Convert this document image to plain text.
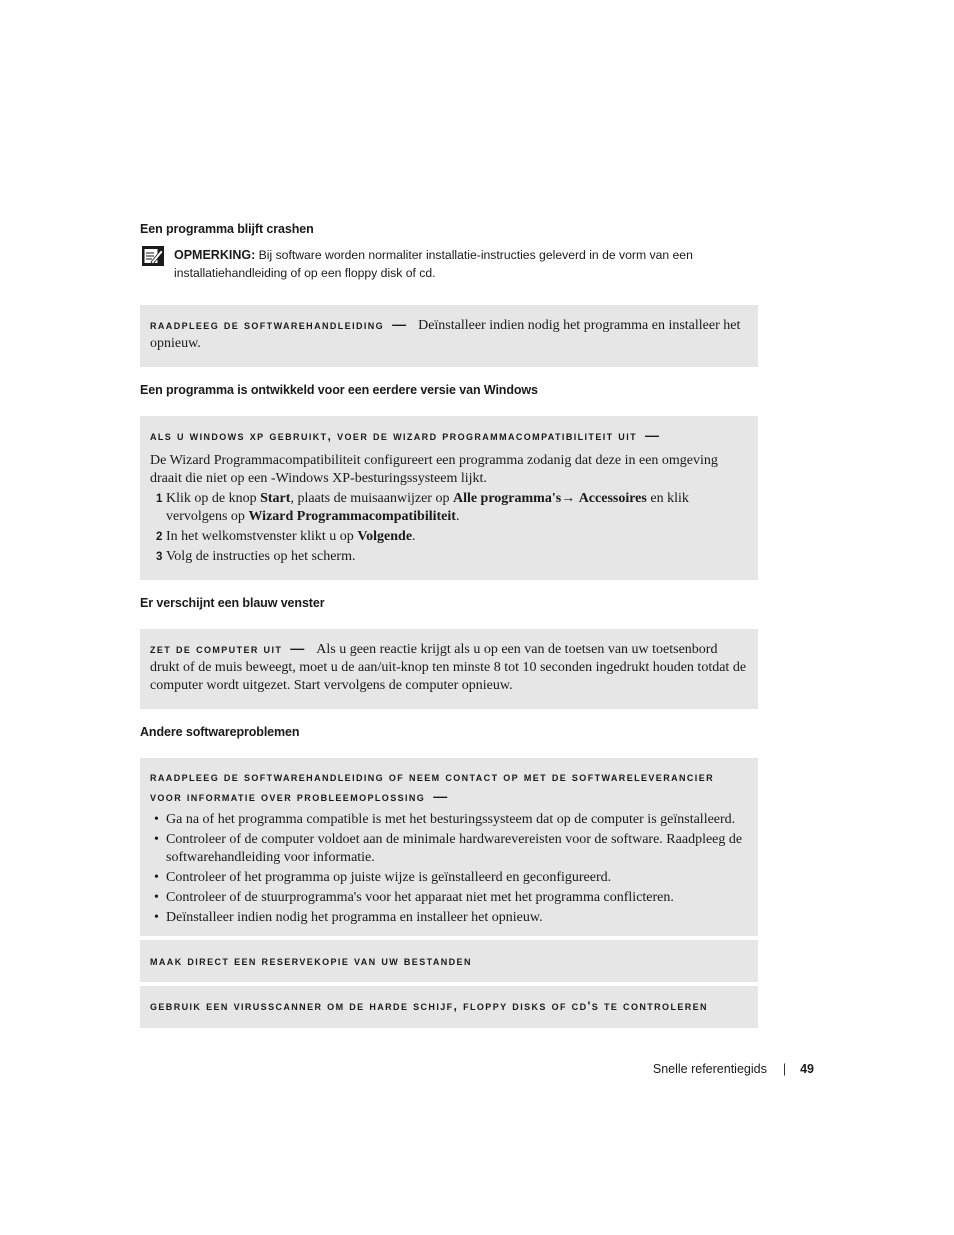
Een programma blijft crashen
OPMERKING: Bij software worden normaliter installatie-instructies geleverd in de vorm van een installatiehandleiding of op een floppy disk of cd.
raadpleeg de softwarehandleiding — Deïnstalleer indien nodig het programma en installeer het opnieuw.
Een programma is ontwikkeld voor een eerdere versie van Windows
als u windows xp gebruikt, voer de wizard programmacompatibiliteit uit —
De Wizard Programmacompatibiliteit configureert een programma zodanig dat deze in een omgeving draait die niet op een -Windows XP-besturingssysteem lijkt.
1 Klik op de knop Start, plaats de muisaanwijzer op Alle programma's→ Accessoires en klik vervolgens op Wizard Programmacompatibiliteit.
2 In het welkomstvenster klikt u op Volgende.
3 Volg de instructies op het scherm.
Er verschijnt een blauw venster
zet de computer uit — Als u geen reactie krijgt als u op een van de toetsen van uw toetsenbord drukt of de muis beweegt, moet u de aan/uit-knop ten minste 8 tot 10 seconden ingedrukt houden totdat de computer wordt uitgezet. Start vervolgens de computer opnieuw.
Andere softwareproblemen
raadpleeg de softwarehandleiding of neem contact op met de softwareleverancier voor informatie over probleemoplossing —
• Ga na of het programma compatible is met het besturingssysteem dat op de computer is geïnstalleerd.
• Controleer of de computer voldoet aan de minimale hardwarevereisten voor de software. Raadpleeg de softwarehandleiding voor informatie.
• Controleer of het programma op juiste wijze is geïnstalleerd en geconfigureerd.
• Controleer of de stuurprogramma's voor het apparaat niet met het programma conflicteren.
• Deïnstalleer indien nodig het programma en installeer het opnieuw.
maak direct een reservekopie van uw bestanden
gebruik een virusscanner om de harde schijf, floppy disks of cd's te controleren
Snelle referentiegids | 49
